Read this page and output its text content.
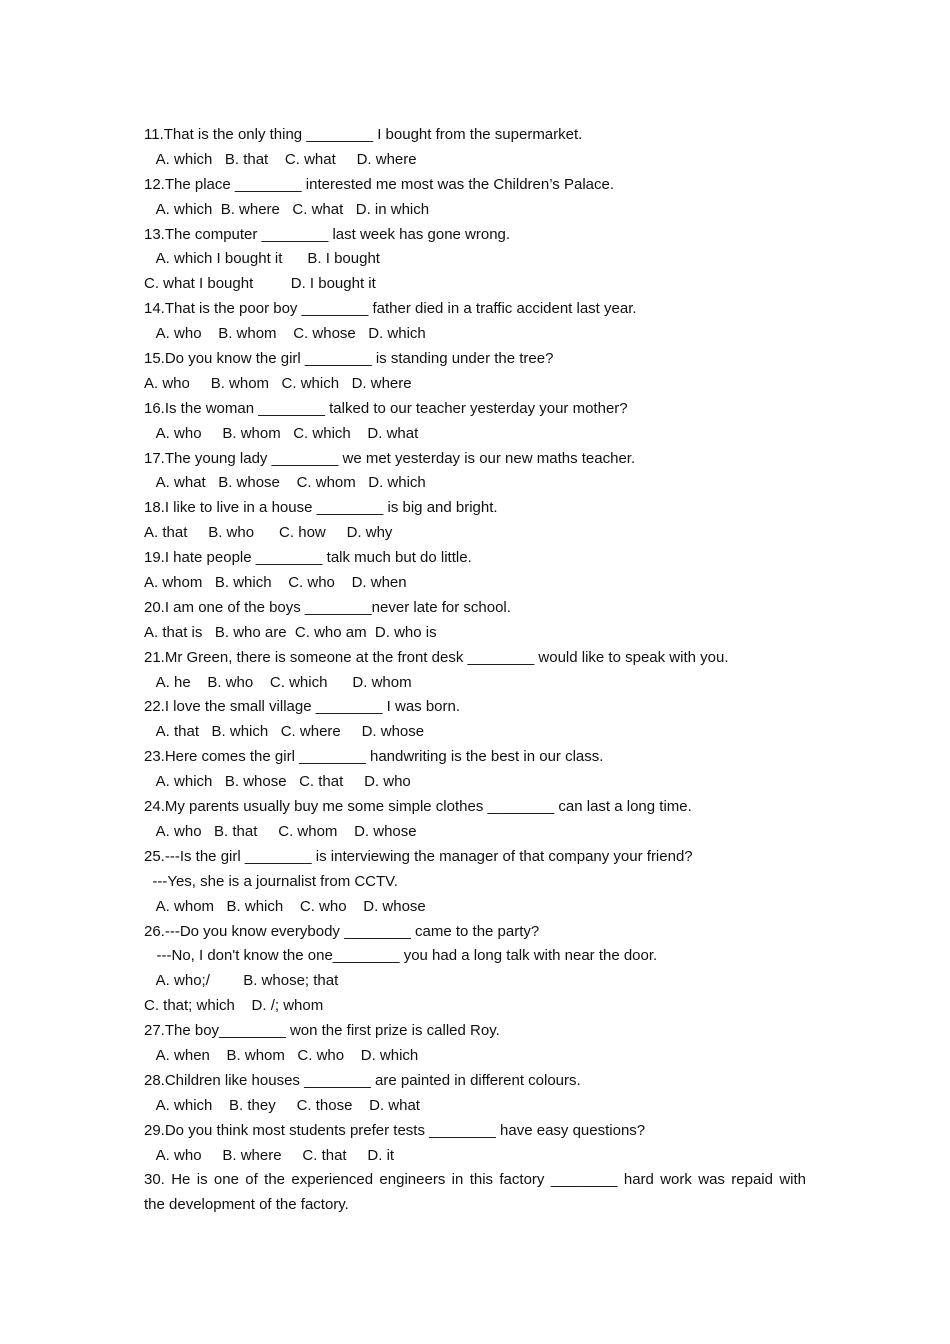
11.That is the only thing ________ I bought from the supermarket.
A. which   B. that    C. what     D. where
12.The place ________ interested me most was the Children’s Palace.
A. which  B. where   C. what   D. in which
13.The computer ________ last week has gone wrong.
A. which I bought it      B. I bought
C. what I bought         D. I bought it
14.That is the poor boy ________ father died in a traffic accident last year.
A. who    B. whom    C. whose   D. which
15.Do you know the girl ________ is standing under the tree?
A. who     B. whom   C. which   D. where
16.Is the woman ________ talked to our teacher yesterday your mother?
A. who     B. whom   C. which    D. what
17.The young lady ________ we met yesterday is our new maths teacher.
A. what   B. whose    C. whom   D. which
18.I like to live in a house ________ is big and bright.
A. that     B. who      C. how     D. why
19.I hate people ________ talk much but do little.
A. whom   B. which    C. who    D. when
20.I am one of the boys ________never late for school.
A. that is   B. who are  C. who am  D. who is
21.Mr Green, there is someone at the front desk ________ would like to speak with you.
A. he    B. who    C. which      D. whom
22.I love the small village ________ I was born.
A. that   B. which   C. where     D. whose
23.Here comes the girl ________ handwriting is the best in our class.
A. which   B. whose   C. that     D. who
24.My parents usually buy me some simple clothes ________ can last a long time.
A. who   B. that     C. whom    D. whose
25.---Is the girl ________ is interviewing the manager of that company your friend?
---Yes, she is a journalist from CCTV.
A. whom   B. which    C. who    D. whose
26.---Do you know everybody ________ came to the party?
---No, I don't know the one________ you had a long talk with near the door.
A. who;/        B. whose; that
C. that; which    D. /; whom
27.The boy________ won the first prize is called Roy.
A. when    B. whom   C. who    D. which
28.Children like houses ________ are painted in different colours.
A. which    B. they     C. those    D. what
29.Do you think most students prefer tests ________ have easy questions?
A. who     B. where     C. that     D. it
30. He is one of the experienced engineers in this factory ________ hard work was repaid with
the development of the factory.
